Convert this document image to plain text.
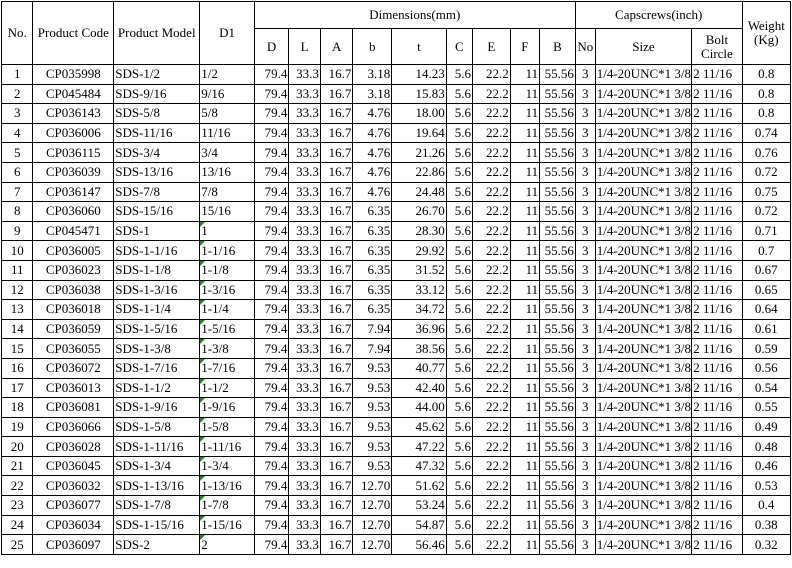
No.	Product Code	Product Model	D1	Dimensions(mm)									Capscrews(inch)			Weight (Kg)
				D	L	A	b	t	C	E	F	B	No	Size	Bolt Circle	
1	CP035998	SDS-1/2	1/2	79.4	33.3	16.7	3.18	14.23	5.6	22.2	11	55.56	3	1/4-20UNC*1 3/8	2 11/16	0.8
2	CP045484	SDS-9/16	9/16	79.4	33.3	16.7	3.18	15.83	5.6	22.2	11	55.56	3	1/4-20UNC*1 3/8	2 11/16	0.8
3	CP036143	SDS-5/8	5/8	79.4	33.3	16.7	4.76	18.00	5.6	22.2	11	55.56	3	1/4-20UNC*1 3/8	2 11/16	0.8
4	CP036006	SDS-11/16	11/16	79.4	33.3	16.7	4.76	19.64	5.6	22.2	11	55.56	3	1/4-20UNC*1 3/8	2 11/16	0.74
5	CP036115	SDS-3/4	3/4	79.4	33.3	16.7	4.76	21.26	5.6	22.2	11	55.56	3	1/4-20UNC*1 3/8	2 11/16	0.76
6	CP036039	SDS-13/16	13/16	79.4	33.3	16.7	4.76	22.86	5.6	22.2	11	55.56	3	1/4-20UNC*1 3/8	2 11/16	0.72
7	CP036147	SDS-7/8	7/8	79.4	33.3	16.7	4.76	24.48	5.6	22.2	11	55.56	3	1/4-20UNC*1 3/8	2 11/16	0.75
8	CP036060	SDS-15/16	15/16	79.4	33.3	16.7	6.35	26.70	5.6	22.2	11	55.56	3	1/4-20UNC*1 3/8	2 11/16	0.72
9	CP045471	SDS-1	1	79.4	33.3	16.7	6.35	28.30	5.6	22.2	11	55.56	3	1/4-20UNC*1 3/8	2 11/16	0.71
10	CP036005	SDS-1-1/16	1-1/16	79.4	33.3	16.7	6.35	29.92	5.6	22.2	11	55.56	3	1/4-20UNC*1 3/8	2 11/16	0.7
11	CP036023	SDS-1-1/8	1-1/8	79.4	33.3	16.7	6.35	31.52	5.6	22.2	11	55.56	3	1/4-20UNC*1 3/8	2 11/16	0.67
12	CP036038	SDS-1-3/16	1-3/16	79.4	33.3	16.7	6.35	33.12	5.6	22.2	11	55.56	3	1/4-20UNC*1 3/8	2 11/16	0.65
13	CP036018	SDS-1-1/4	1-1/4	79.4	33.3	16.7	6.35	34.72	5.6	22.2	11	55.56	3	1/4-20UNC*1 3/8	2 11/16	0.64
14	CP036059	SDS-1-5/16	1-5/16	79.4	33.3	16.7	7.94	36.96	5.6	22.2	11	55.56	3	1/4-20UNC*1 3/8	2 11/16	0.61
15	CP036055	SDS-1-3/8	1-3/8	79.4	33.3	16.7	7.94	38.56	5.6	22.2	11	55.56	3	1/4-20UNC*1 3/8	2 11/16	0.59
16	CP036072	SDS-1-7/16	1-7/16	79.4	33.3	16.7	9.53	40.77	5.6	22.2	11	55.56	3	1/4-20UNC*1 3/8	2 11/16	0.56
17	CP036013	SDS-1-1/2	1-1/2	79.4	33.3	16.7	9.53	42.40	5.6	22.2	11	55.56	3	1/4-20UNC*1 3/8	2 11/16	0.54
18	CP036081	SDS-1-9/16	1-9/16	79.4	33.3	16.7	9.53	44.00	5.6	22.2	11	55.56	3	1/4-20UNC*1 3/8	2 11/16	0.55
19	CP036066	SDS-1-5/8	1-5/8	79.4	33.3	16.7	9.53	45.62	5.6	22.2	11	55.56	3	1/4-20UNC*1 3/8	2 11/16	0.49
20	CP036028	SDS-1-11/16	1-11/16	79.4	33.3	16.7	9.53	47.22	5.6	22.2	11	55.56	3	1/4-20UNC*1 3/8	2 11/16	0.48
21	CP036045	SDS-1-3/4	1-3/4	79.4	33.3	16.7	9.53	47.32	5.6	22.2	11	55.56	3	1/4-20UNC*1 3/8	2 11/16	0.46
22	CP036032	SDS-1-13/16	1-13/16	79.4	33.3	16.7	12.70	51.62	5.6	22.2	11	55.56	3	1/4-20UNC*1 3/8	2 11/16	0.53
23	CP036077	SDS-1-7/8	1-7/8	79.4	33.3	16.7	12.70	53.24	5.6	22.2	11	55.56	3	1/4-20UNC*1 3/8	2 11/16	0.4
24	CP036034	SDS-1-15/16	1-15/16	79.4	33.3	16.7	12.70	54.87	5.6	22.2	11	55.56	3	1/4-20UNC*1 3/8	2 11/16	0.38
25	CP036097	SDS-2	2	79.4	33.3	16.7	12.70	56.46	5.6	22.2	11	55.56	3	1/4-20UNC*1 3/8	2 11/16	0.32
